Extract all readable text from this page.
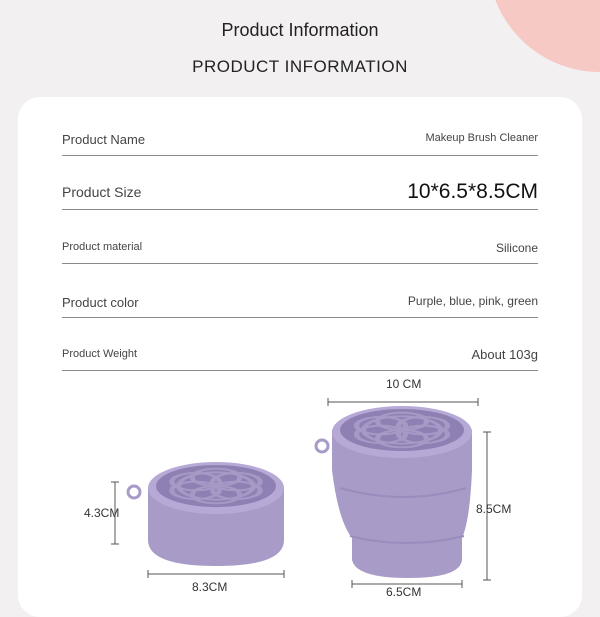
Product Information
PRODUCT INFORMATION
Product Name	Makeup Brush Cleaner
Product Size	10*6.5*8.5CM
Product material	Silicone
Product color	Purple, blue, pink, green
Product Weight	About 103g
4.3CM
8.3CM
10 CM
8.5CM
6.5CM
